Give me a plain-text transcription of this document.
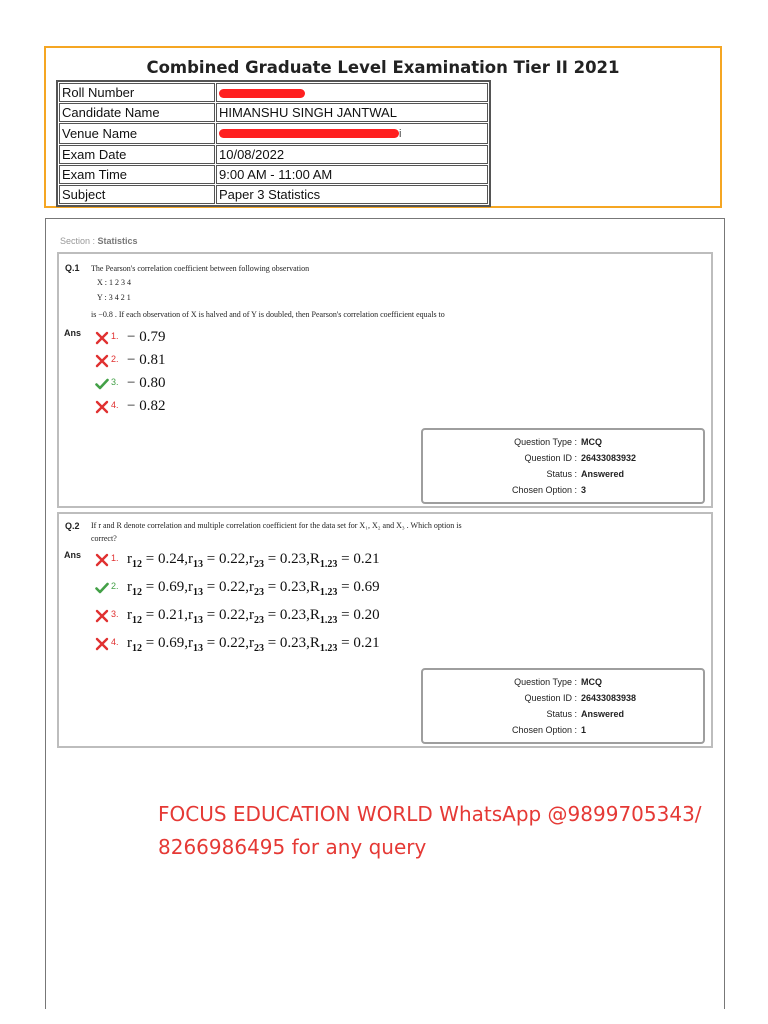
Combined Graduate Level Examination Tier II 2021
Roll Number	
Candidate Name	HIMANSHU SINGH JANTWAL
Venue Name	i
Exam Date	10/08/2022
Exam Time	9:00 AM - 11:00 AM
Subject	Paper 3 Statistics
Section : Statistics
Q.1 The Pearson's correlation coefficient between following observation
X : 1 2 3 4
Y : 3 4 2 1
is −0.8 . If each observation of X is halved and of Y is doubled, then Pearson's correlation coefficient equals to
Ans	1. − 0.79
2. − 0.81
3. − 0.80
4. − 0.82
Question Type : MCQ
Question ID : 26433083932
Status : Answered
Chosen Option : 3
Q.2 If r and R denote correlation and multiple correlation coefficient for the data set for X₁, X₂ and X₃ . Which option is
correct?
Ans	1. $r_{12} = 0.24,r_{13} = 0.22,r_{23} = 0.23,R_{1.23} = 0.21$
2. $r_{12} = 0.69,r_{13} = 0.22,r_{23} = 0.23,R_{1.23} = 0.69$
3. $r_{12} = 0.21,r_{13} = 0.22,r_{23} = 0.23,R_{1.23} = 0.20$
4. $r_{12} = 0.69,r_{13} = 0.22,r_{23} = 0.23,R_{1.23} = 0.21$
Question Type : MCQ
Question ID : 26433083938
Status : Answered
Chosen Option : 1
FOCUS EDUCATION WORLD WhatsApp @9899705343/
8266986495 for any query
